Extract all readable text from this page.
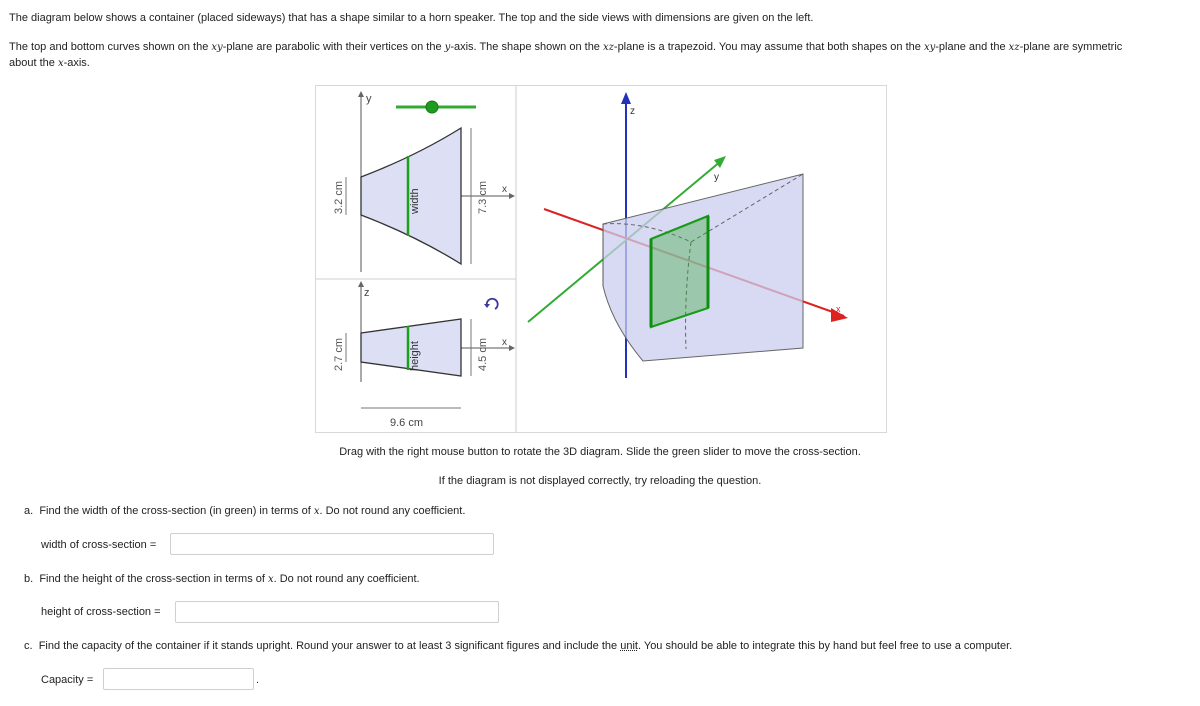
The diagram below shows a container (placed sideways) that has a shape similar to a horn speaker. The top and the side views with dimensions are given on the left.

The top and bottom curves shown on the xy-plane are parabolic with their vertices on the y-axis. The shape shown on the xz-plane is a trapezoid. You may assume that both shapes on the xy-plane and the xz-plane are symmetric

about the x-axis.

y
x
width
3.2 cm	7.3 cm
z
x
height
2.7 cm	4.5 cm
9.6 cm
z
y
x

Drag with the right mouse button to rotate the 3D diagram. Slide the green slider to move the cross-section.

If the diagram is not displayed correctly, try reloading the question.

a. Find the width of the cross-section (in green) in terms of x. Do not round any coefficient.

width of cross-section =

b. Find the height of the cross-section in terms of x. Do not round any coefficient.

height of cross-section =

c. Find the capacity of the container if it stands upright. Round your answer to at least 3 significant figures and include the unit. You should be able to integrate this by hand but feel free to use a computer.

Capacity =	.
